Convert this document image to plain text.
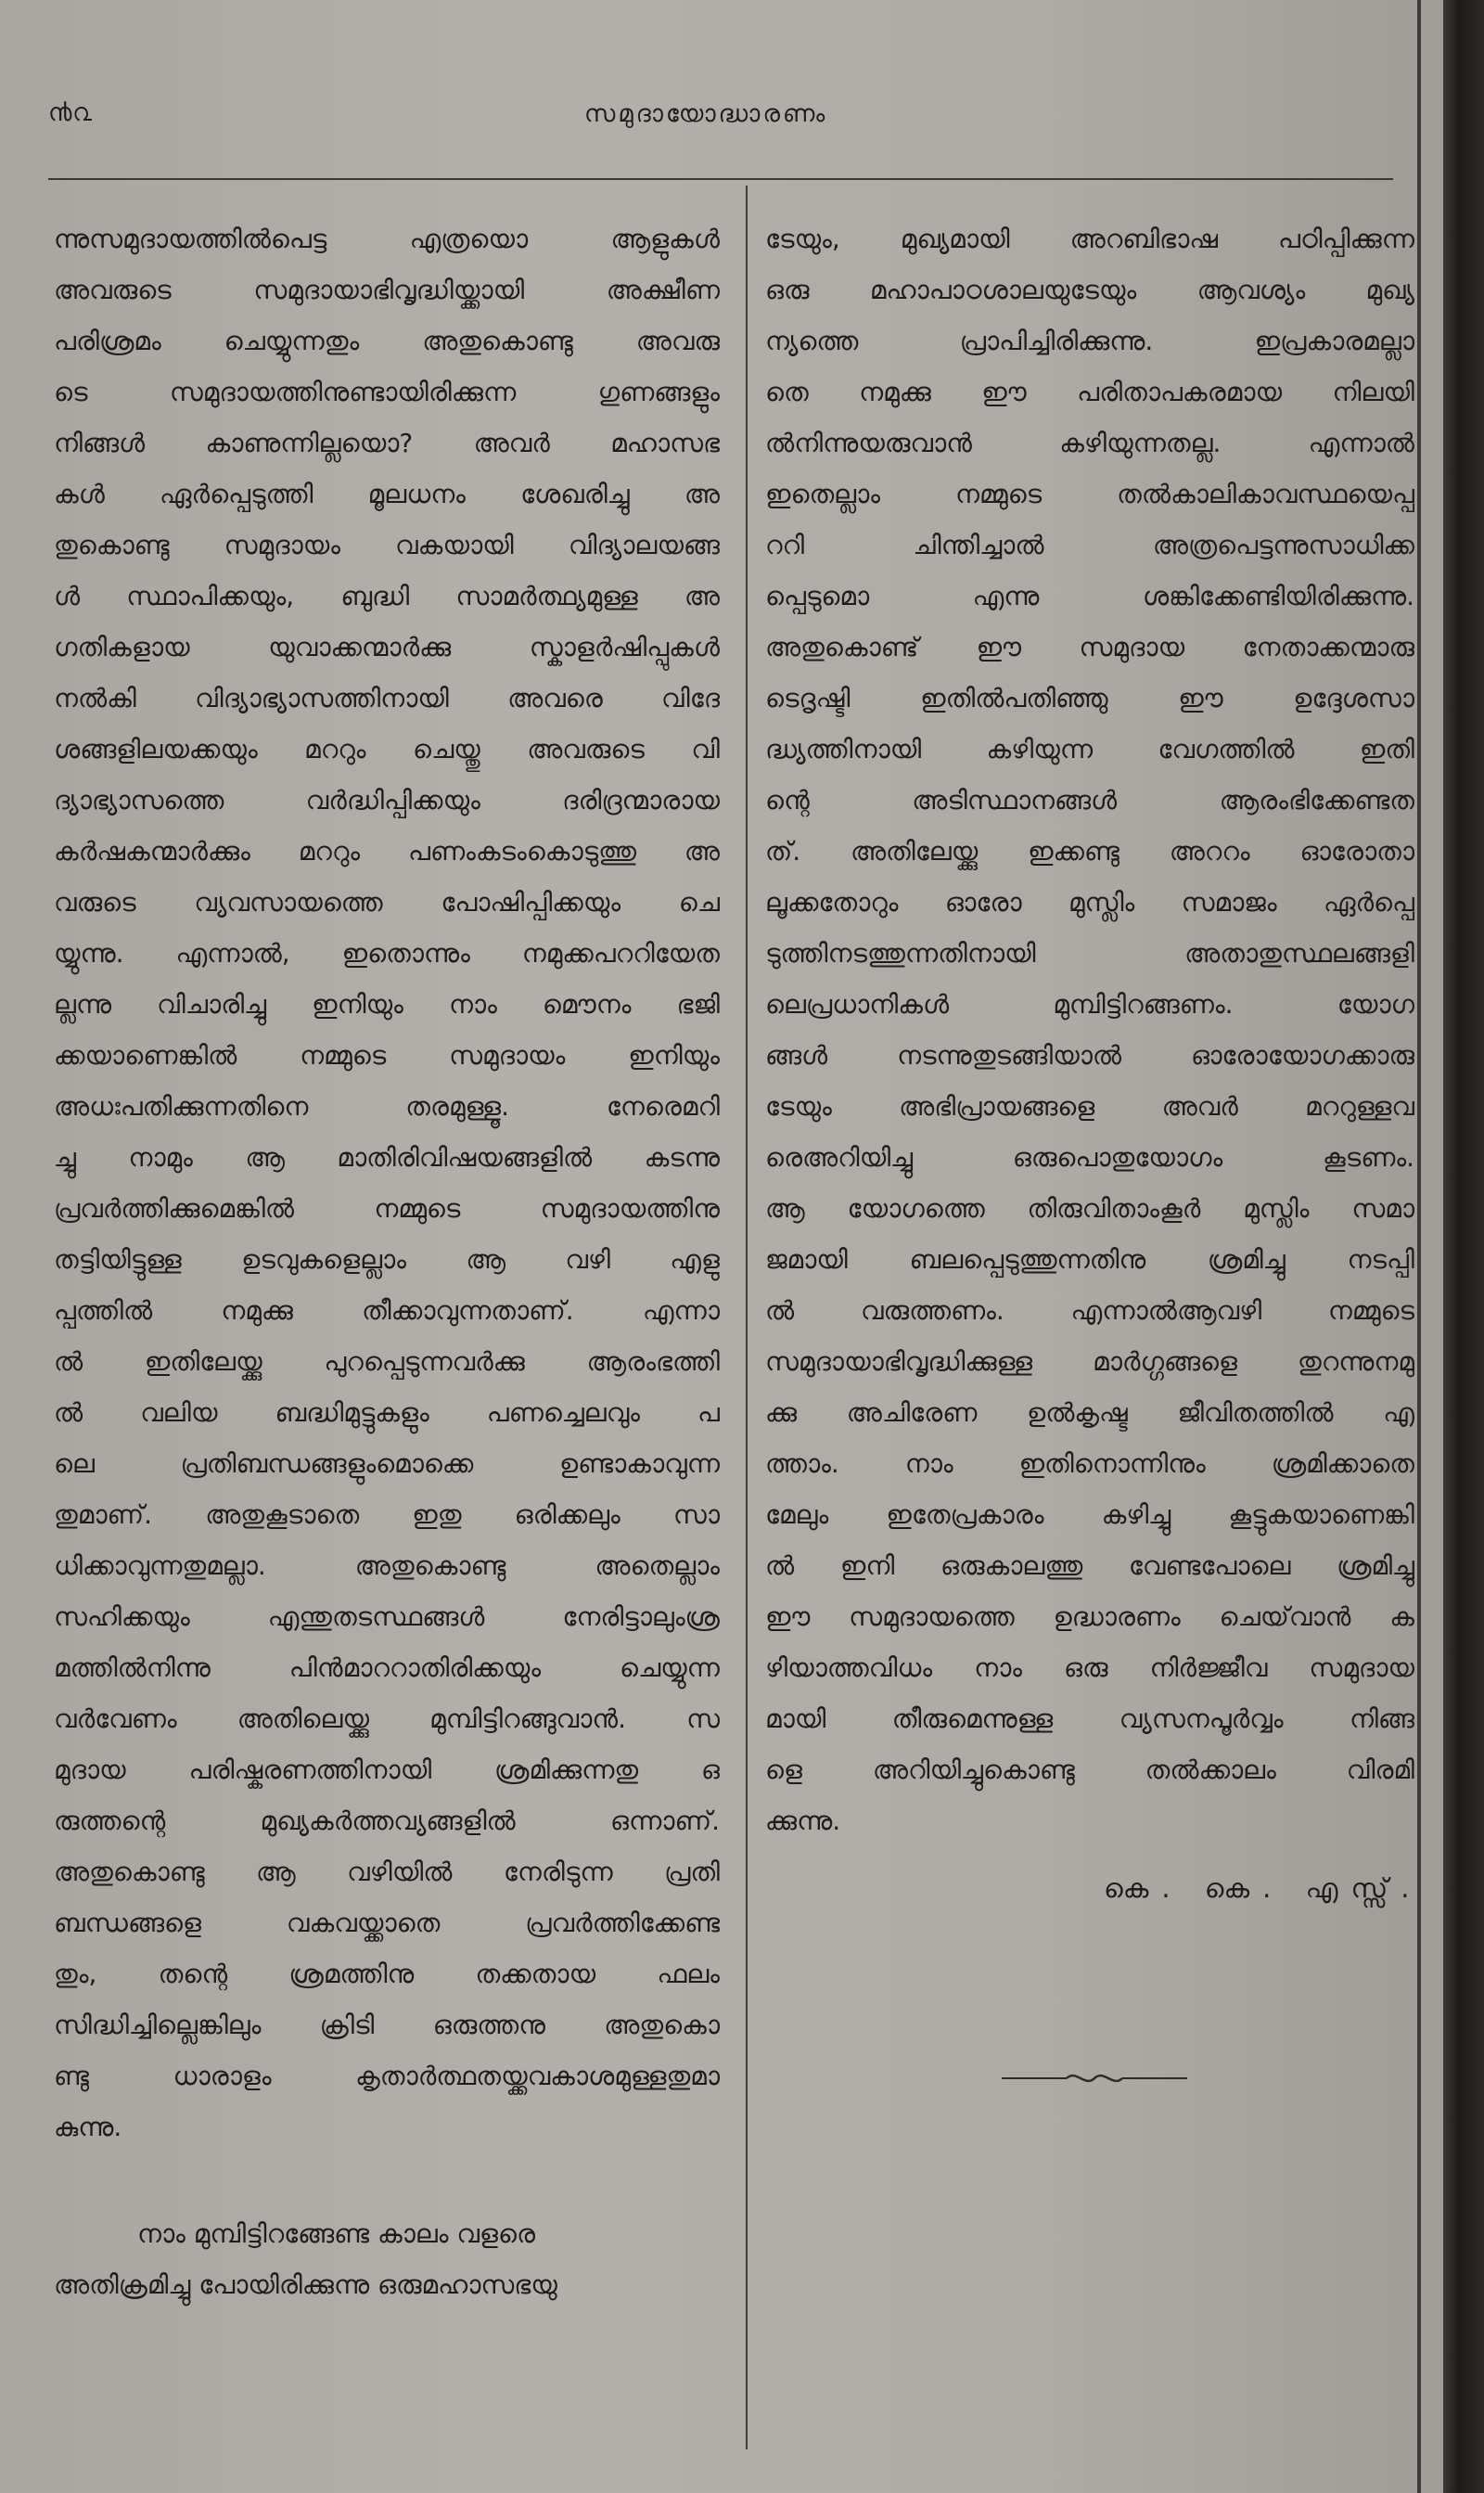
൯൨	സമുദായോദ്ധാരണം
ന്നുസമുദായത്തിൽപെട്ട എത്രയൊ ആളുകൾ
അവരുടെ സമുദായാഭിവൃദ്ധിയ്ക്കായി അക്ഷീണ
പരിശ്രമം ചെയ്യുന്നതും അതുകൊണ്ടു അവരു
ടെ സമുദായത്തിനുണ്ടായിരിക്കുന്ന ഗുണങ്ങളും
നിങ്ങൾ കാണുന്നില്ലയൊ? അവർ മഹാസഭ
കൾ ഏർപ്പെടുത്തി മൂലധനം ശേഖരിച്ചു അ
തുകൊണ്ടു സമുദായം വകയായി വിദ്യാലയങ്ങ
ൾ സ്ഥാപിക്കയും, ബുദ്ധി സാമർത്ഥ്യമുള്ള അ
ഗതികളായ യുവാക്കന്മാർക്കു സ്കാളർഷിപ്പുകൾ
നൽകി വിദ്യാഭ്യാസത്തിനായി അവരെ വിദേ
ശങ്ങളിലയക്കയും മററും ചെയ്തു അവരുടെ വി
ദ്യാഭ്യാസത്തെ വർദ്ധിപ്പിക്കയും ദരിദ്രന്മാരായ
കർഷകന്മാർക്കും മററും പണംകടംകൊടുത്തു അ
വരുടെ വ്യവസായത്തെ പോഷിപ്പിക്കയും ചെ
യ്യുന്നു. എന്നാൽ, ഇതൊന്നും നമുക്കപററിയേത
ല്ലന്നു വിചാരിച്ചു ഇനിയും നാം മൌനം ഭജി
ക്കയാണെങ്കിൽ നമ്മുടെ സമുദായം ഇനിയും
അധഃപതിക്കുന്നതിനെ തരമുള്ളൂ. നേരെമറി
ച്ചു നാമും ആ മാതിരിവിഷയങ്ങളിൽ കടന്നു
പ്രവർത്തിക്കുമെങ്കിൽ നമ്മുടെ സമുദായത്തിനു
തട്ടിയിട്ടുള്ള ഉടവുകളെല്ലാം ആ വഴി എളു
പ്പത്തിൽ നമുക്കു തീക്കാവുന്നതാണ്. എന്നാ
ൽ ഇതിലേയ്ക്കു പുറപ്പെടുന്നവർക്കു ആരംഭത്തി
ൽ വലിയ ബദ്ധിമുട്ടുകളും പണച്ചെലവും പ
ലെ പ്രതിബന്ധങ്ങളുംമൊക്കെ ഉണ്ടാകാവുന്ന
തുമാണ്. അതുകൂടാതെ ഇതു ഒരിക്കലും സാ
ധിക്കാവുന്നതുമല്ലാ. അതുകൊണ്ടു അതെല്ലാം
സഹിക്കയും എന്തുതടസ്ഥങ്ങൾ നേരിട്ടാലുംശ്ര
മത്തിൽനിന്നു പിൻമാററാതിരിക്കയും ചെയ്യുന്ന
വർവേണം അതിലെയ്ക്കു മുമ്പിട്ടിറങ്ങുവാൻ. സ
മുദായ പരിഷ്കരണത്തിനായി ശ്രമിക്കുന്നതു ഒ
രുത്തന്റെ മുഖ്യകർത്തവ്യങ്ങളിൽ ഒന്നാണ്.
അതുകൊണ്ടു ആ വഴിയിൽ നേരിടുന്ന പ്രതി
ബന്ധങ്ങളെ വകവയ്ക്കാതെ പ്രവർത്തിക്കേണ്ട
തും, തന്റെ ശ്രമത്തിനു തക്കതായ ഫലം
സിദ്ധിച്ചില്ലെങ്കിലും ക്രിടി ഒരുത്തനു അതുകൊ
ണ്ടു ധാരാളം കൃതാർത്ഥതയ്ക്കവകാശമുള്ളതുമാ
കുന്നു.
നാം മുമ്പിട്ടിറങ്ങേണ്ട കാലം വളരെ
അതിക്രമിച്ചു പോയിരിക്കുന്നു ഒരുമഹാസഭയു
ടേയും, മുഖ്യമായി അറബിഭാഷ പഠിപ്പിക്കുന്ന
ഒരു മഹാപാഠശാലയുടേയും ആവശ്യം മുഖ്യ
ന്യത്തെ പ്രാപിച്ചിരിക്കുന്നു. ഇപ്രകാരമല്ലാ
തെ നമുക്കു ഈ പരിതാപകരമായ നിലയി
ൽനിന്നുയരുവാൻ കഴിയുന്നതല്ല. എന്നാൽ
ഇതെല്ലാം നമ്മുടെ തൽകാലികാവസ്ഥയെപ്പ
ററി ചിന്തിച്ചാൽ അത്രപെട്ടന്നുസാധിക്ക
പ്പെടുമൊ എന്നു ശങ്കിക്കേണ്ടിയിരിക്കുന്നു.
അതുകൊണ്ട് ഈ സമുദായ നേതാക്കന്മാരു
ടെദൃഷ്ടി ഇതിൽപതിഞ്ഞു ഈ ഉദ്ദേശസാ
ദ്ധ്യത്തിനായി കഴിയുന്ന വേഗത്തിൽ ഇതി
ന്റെ അടിസ്ഥാനങ്ങൾ ആരംഭിക്കേണ്ടത
ത്. അതിലേയ്ക്കു ഇക്കണ്ടു അററം ഓരോതാ
ലൂക്കതോറും ഓരോ മുസ്ലിം സമാജം ഏർപ്പെ
ടുത്തിനടത്തുന്നതിനായി അതാതുസ്ഥലങ്ങളി
ലെപ്രധാനികൾ മുമ്പിട്ടിറങ്ങണം. യോഗ
ങ്ങൾ നടന്നുതുടങ്ങിയാൽ ഓരോയോഗക്കാരു
ടേയും അഭിപ്രായങ്ങളെ അവർ മററുള്ളവ
രെഅറിയിച്ചു ഒരുപൊതുയോഗം കൂടണം.
ആ യോഗത്തെ തിരുവിതാംകൂർ മുസ്ലിം സമാ
ജമായി ബലപ്പെടുത്തുന്നതിനു ശ്രമിച്ചു നടപ്പി
ൽ വരുത്തണം. എന്നാൽആവഴി നമ്മുടെ
സമുദായാഭിവൃദ്ധിക്കുള്ള മാർഗ്ഗങ്ങളെ തുറന്നുനമു
ക്കു അചിരേണ ഉൽകൃഷ്ട ജീവിതത്തിൽ എ
ത്താം. നാം ഇതിനൊന്നിനും ശ്രമിക്കാതെ
മേലും ഇതേപ്രകാരം കഴിച്ചു കൂട്ടുകയാണെങ്കി
ൽ ഇനി ഒരുകാലത്തു വേണ്ടപോലെ ശ്രമിച്ചു
ഈ സമുദായത്തെ ഉദ്ധാരണം ചെയ്‌വാൻ ക
ഴിയാത്തവിധം നാം ഒരു നിർജ്ജീവ സമുദായ
മായി തീരുമെന്നുള്ള വ്യസനപൂർവ്വം നിങ്ങ
ളെ അറിയിച്ചുകൊണ്ടു തൽക്കാലം വിരമി
ക്കുന്നു.
കെ. കെ. എസ്സ്.
